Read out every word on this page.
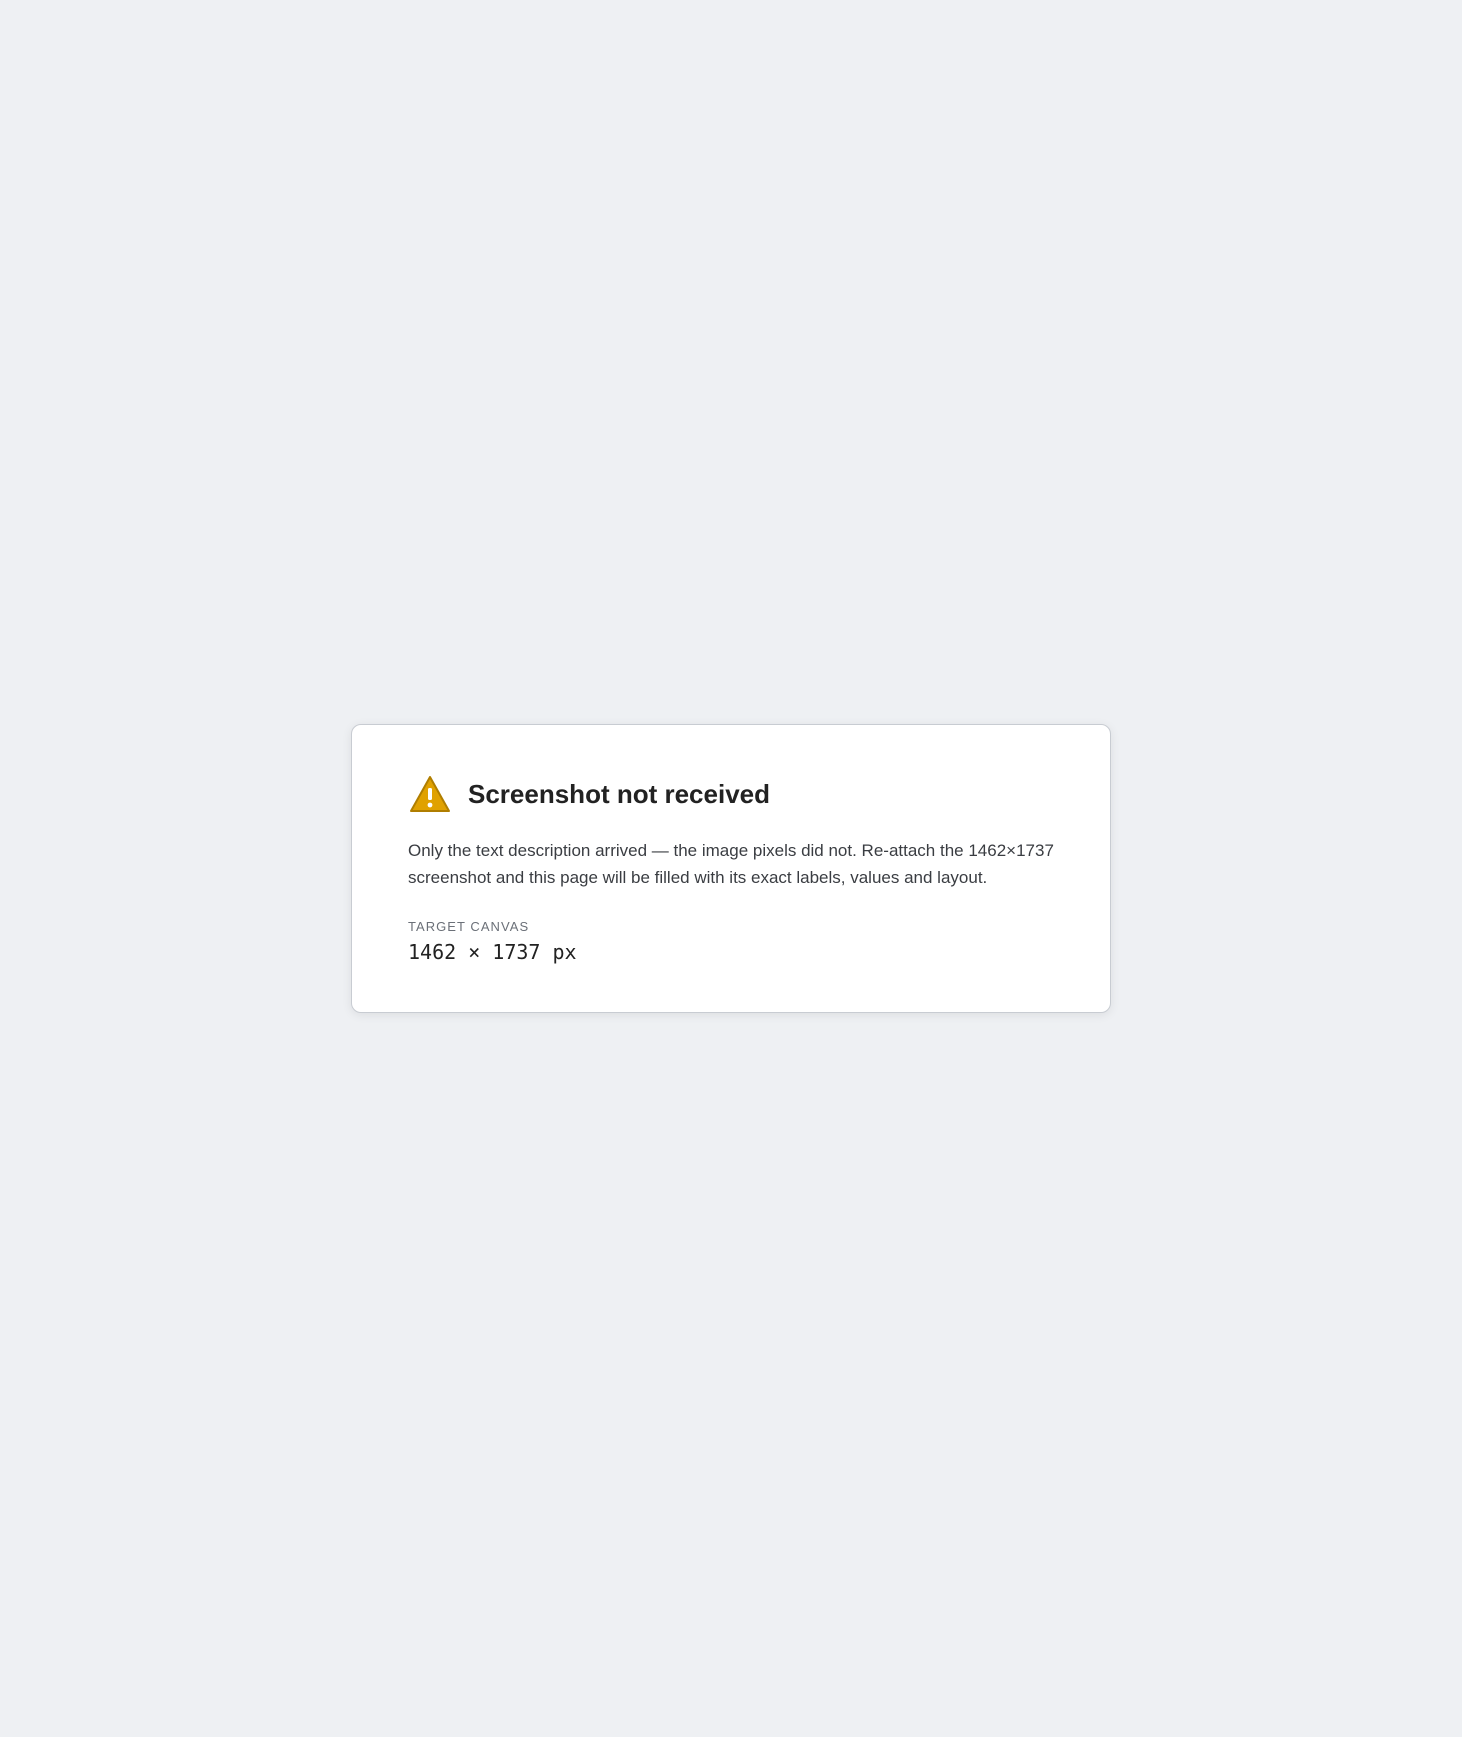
Screenshot not received

Only the text description arrived — the image pixels did not. Re-attach the 1462×1737 screenshot and this page will be filled with its exact labels, values and layout.

TARGET CANVAS

1462 × 1737 px
